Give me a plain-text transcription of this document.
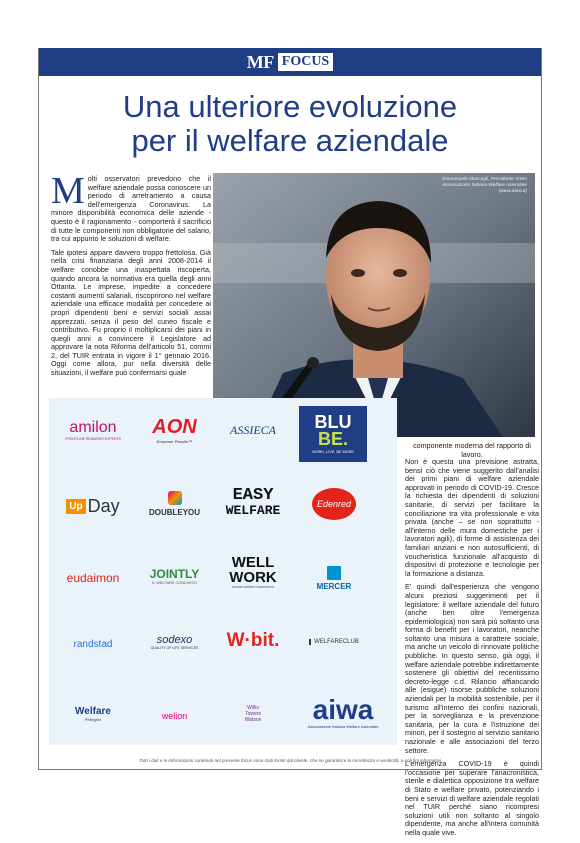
MF FOCUS
Una ulteriore evoluzione
per il welfare aziendale

Molti osservatori prevedono che il welfare aziendale possa conoscere un periodo di arretramento a causa dell'emergenza Coronavirus. La minore disponibilità economica delle aziende - questo è il ragionamento - comporterà il sacrificio di tutte le componenti non obbligatorie del salario, tra cui appunto le soluzioni di welfare.

Tale ipotesi appare davvero troppo frettolosa. Già nella crisi finanziaria degli anni 2008-2014 il welfare conobbe una inaspettata riscoperta, quando ancora la normativa era quella degli anni Ottanta. Le imprese, impedite a concedere costanti aumenti salariali, riscoprirono nel welfare aziendale una efficace modalità per concedere ai propri dipendenti beni e servizi sociali assai apprezzati, senza il peso del cuneo fiscale e contributivo. Fu proprio il moltiplicarsi dei piani in quegli anni a convincere il Legislatore ad approvare la nota Riforma dell'articolo 51, commi 2, del TUIR entrata in vigore il 1° gennaio 2016. Oggi come allora, pur nella diversità delle situazioni, il welfare può confermarsi quale

Emmanuele Massagli, Presidente AIWA
Associazione Italiana Welfare Aziendale
(www.aiwa.it)
amilon
FRONTLINE REWARDS EXPERTS
AON
Empower Results™
ASSIECA BLU
BE.
WORK, LIVE, BE MORE
Up Day	DOUBLEYOU
EASY
WELFARE	Edenred
eudaimon	JOINTLY
IL WELFARE CONDIVISO
WELL
WORK
human welfare experience	MERCER
randstad	sodexo
QUALITY OF LIFE SERVICES W·bit.	WELFARECLUB
Welfare
Pellegrini	welion
Willis
Towers
Watson aiwa
Associazione Italiana Welfare Aziendale
componente moderna del rapporto di lavoro.

Non è questa una previsione astratta, bensì ciò che viene suggerito dall'analisi dei primi piani di welfare aziendale approvati in periodo di COVID-19. Cresce la richiesta dei dipendenti di soluzioni sanitarie, di servizi per facilitare la conciliazione tra vita professionale e vita privata (anche – se non soprattutto - all'interno delle mura domestiche per i lavoratori agili), di forme di assistenza dei familiari anziani e non autosufficienti, di voucheristica funzionale all'acquisto di dispositivi di protezione e tecnologie per la formazione a distanza.

E' quindi dall'esperienza che vengono alcuni preziosi suggerimenti per il legislatore: il welfare aziendale del futuro (anche ben oltre l'emergenza epidemiologica) non sarà più soltanto una forma di benefit per i lavoratori, neanche soltanto una misura a carattere sociale, ma anche un veicolo di rinnovate politiche pubbliche. In questo senso, già oggi, il welfare aziendale potrebbe indirettamente sostenere gli obiettivi del recentissimo decreto-legge c.d. Rilancio affiancando alle (esigue) risorse pubbliche soluzioni aziendali per la mobilità sostenibile, per il turismo all'interno dei confini nazionali, per la sorveglianza e la prevenzione sanitaria, per la cura e l'istruzione dei minori, per il sostegno ai servizio sanitario nazionale e alle associazioni del terzo settore.

L'emergenza COVID-19 è quindi l'occasione per superare l'anacronistica, sterile e dialettica opposizione tra welfare di Stato e welfare privato, potenziando i beni e servizi di welfare aziendale regolati nel TUIR perché siano ricompresi soluzioni utili non soltanto al singolo dipendente, ma anche all'intera comunità nella quale vive.

Tutti i dati e le informazioni contenuti nel presente focus sono stati forniti dal cliente, che ne garantisce la correttezza e veridicità, a soli fini informativi
